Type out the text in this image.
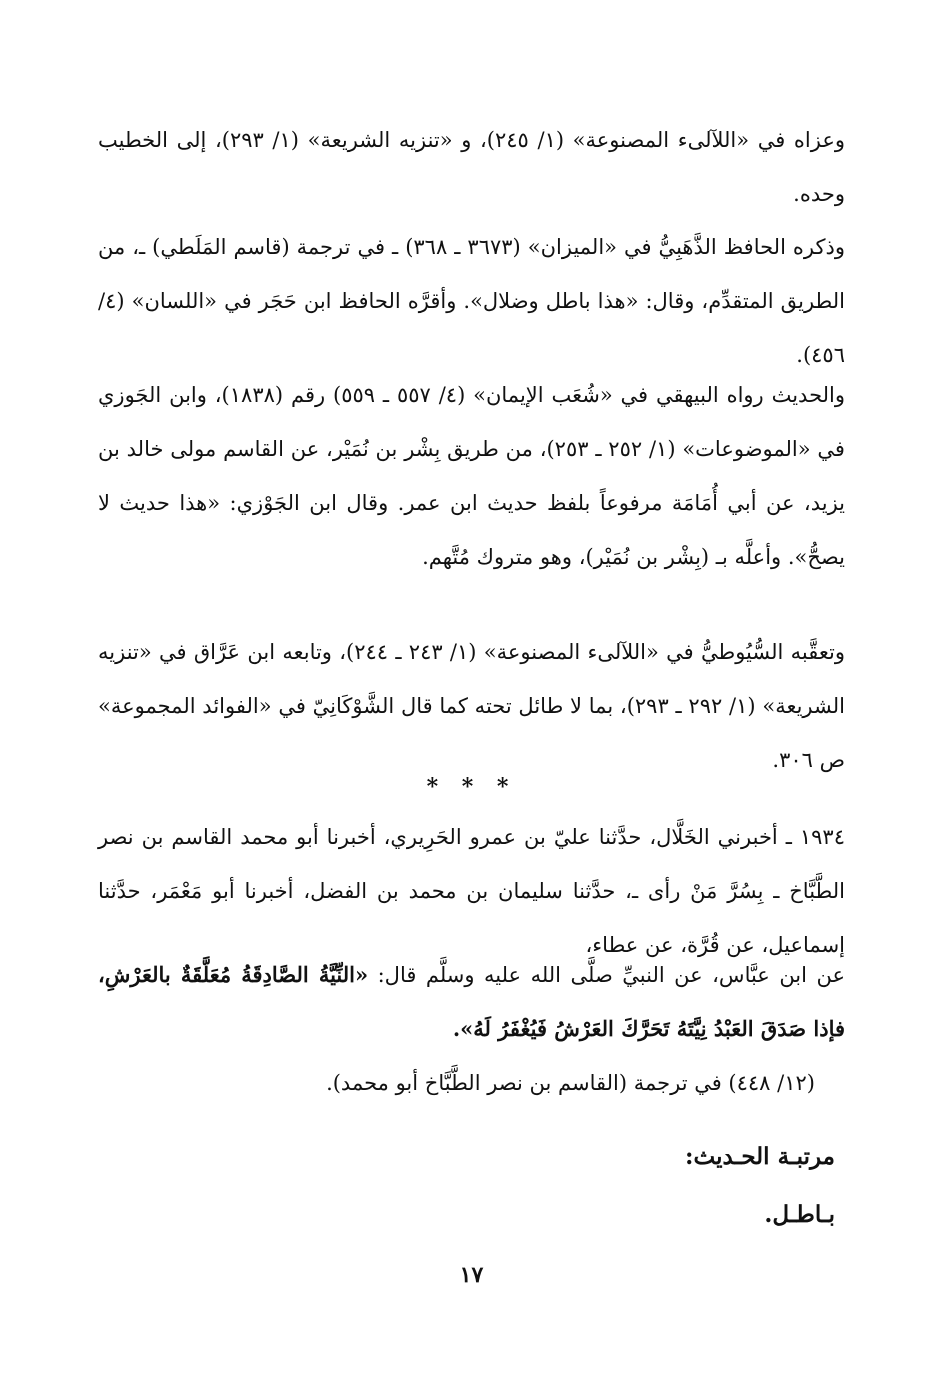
وعزاه في «اللآلىء المصنوعة» (١/ ٢٤٥)، و «تنزيه الشريعة» (١/ ٢٩٣)، إلى الخطيب وحده.

وذكره الحافظ الذَّهَبِيُّ في «الميزان» (٣٦٧٣ ـ ٣٦٨) ـ في ترجمة (قاسم المَلَطي) ـ، من الطريق المتقدِّم، وقال: «هذا باطل وضلال». وأقرَّه الحافظ ابن حَجَر في «اللسان» (٤/ ٤٥٦).

والحديث رواه البيهقي في «شُعَب الإيمان» (٤/ ٥٥٧ ـ ٥٥٩) رقم (١٨٣٨)، وابن الجَوزي في «الموضوعات» (١/ ٢٥٢ ـ ٢٥٣)، من طريق بِشْر بن نُمَيْر، عن القاسم مولى خالد بن يزيد، عن أبي أُمَامَة مرفوعاً بلفظ حديث ابن عمر. وقال ابن الجَوْزي: «هذا حديث لا يصحُّ». وأعلَّه بـ (بِشْر بن نُمَيْر)، وهو متروك مُتَّهم.

وتعقَّبه السُّيُوطيُّ في «اللآلىء المصنوعة» (١/ ٢٤٣ ـ ٢٤٤)، وتابعه ابن عَرَّاق في «تنزيه الشريعة» (١/ ٢٩٢ ـ ٢٩٣)، بما لا طائل تحته كما قال الشَّوْكَانِيّ في «الفوائد المجموعة» ص ٣٠٦.

* * *

١٩٣٤ ـ أخبرني الخَلَّال، حدَّثنا عليّ بن عمرو الحَرِيري، أخبرنا أبو محمد القاسم بن نصر الطَّبَّاخ ـ بِسُرَّ مَنْ رأى ـ، حدَّثنا سليمان بن محمد بن الفضل، أخبرنا أبو مَعْمَر، حدَّثنا إسماعيل، عن قُرَّة، عن عطاء،

عن ابن عبَّاس، عن النبيِّ صلَّى الله عليه وسلَّم قال: «النِّيَّةُ الصَّادِقَةُ مُعَلَّقَةٌ بالعَرْشِ، فإذا صَدَقَ العَبْدُ نِيَّتَهُ تَحَرَّكَ العَرْشُ فَيُغْفَرُ لَهُ».

(١٢/ ٤٤٨) في ترجمة (القاسم بن نصر الطَّبَّاخ أبو محمد).

مرتبـة الحـديث:
بـاطـل.
١٧
